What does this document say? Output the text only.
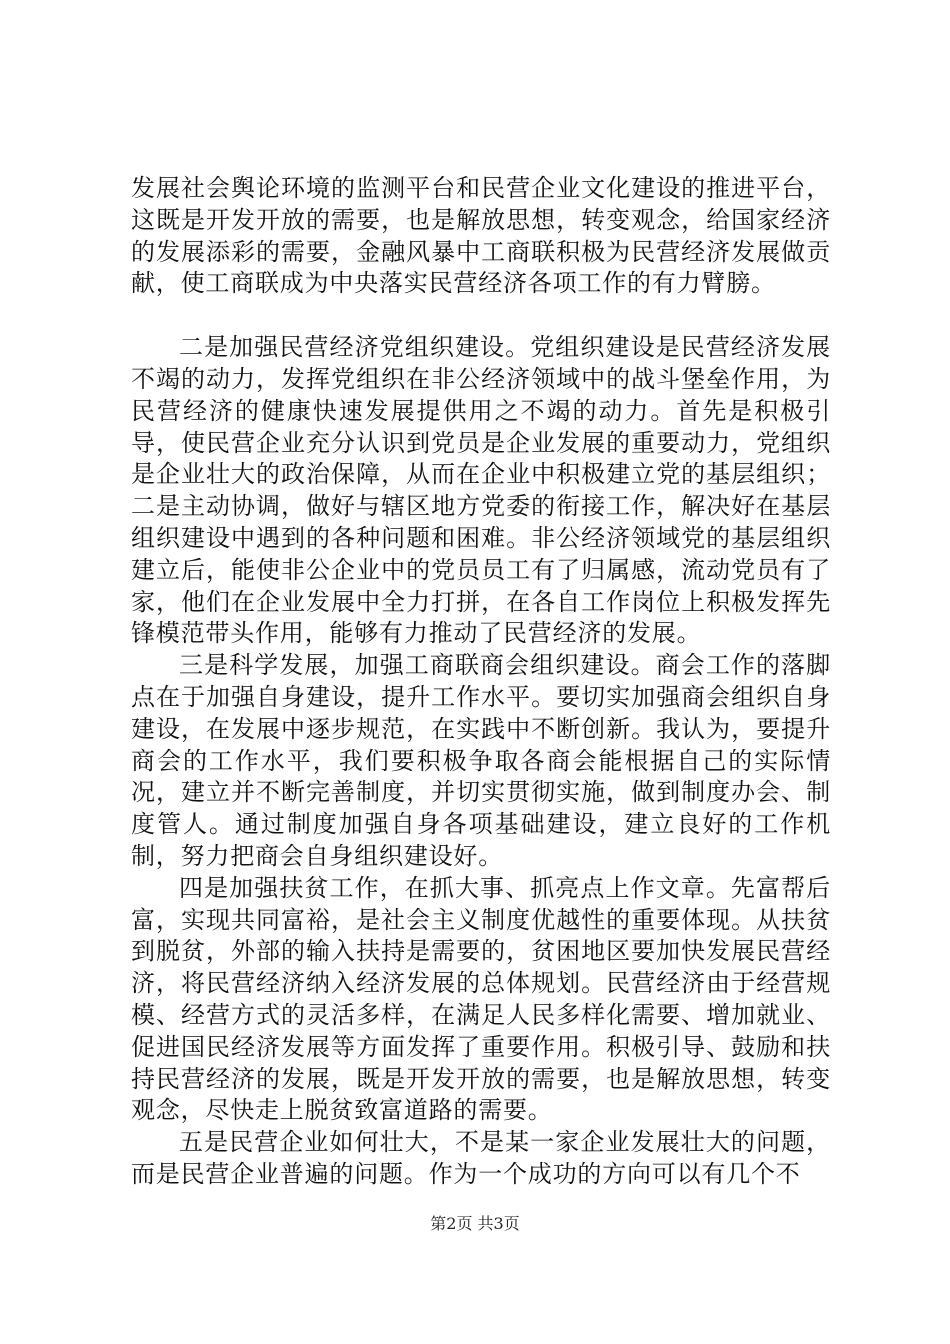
发展社会舆论环境的监测平台和民营企业文化建设的推进平台，这既是开发开放的需要，也是解放思想，转变观念，给国家经济的发展添彩的需要，金融风暴中工商联积极为民营经济发展做贡献，使工商联成为中央落实民营经济各项工作的有力臂膀。

二是加强民营经济党组织建设。党组织建设是民营经济发展不竭的动力，发挥党组织在非公经济领域中的战斗堡垒作用，为民营经济的健康快速发展提供用之不竭的动力。首先是积极引导，使民营企业充分认识到党员是企业发展的重要动力，党组织是企业壮大的政治保障，从而在企业中积极建立党的基层组织；二是主动协调，做好与辖区地方党委的衔接工作，解决好在基层组织建设中遇到的各种问题和困难。非公经济领域党的基层组织建立后，能使非公企业中的党员员工有了归属感，流动党员有了家，他们在企业发展中全力打拼，在各自工作岗位上积极发挥先锋模范带头作用，能够有力推动了民营经济的发展。

三是科学发展，加强工商联商会组织建设。商会工作的落脚点在于加强自身建设，提升工作水平。要切实加强商会组织自身建设，在发展中逐步规范，在实践中不断创新。我认为，要提升商会的工作水平，我们要积极争取各商会能根据自己的实际情况，建立并不断完善制度，并切实贯彻实施，做到制度办会、制度管人。通过制度加强自身各项基础建设，建立良好的工作机制，努力把商会自身组织建设好。

四是加强扶贫工作，在抓大事、抓亮点上作文章。先富帮后富，实现共同富裕，是社会主义制度优越性的重要体现。从扶贫到脱贫，外部的输入扶持是需要的，贫困地区要加快发展民营经济，将民营经济纳入经济发展的总体规划。民营经济由于经营规模、经营方式的灵活多样，在满足人民多样化需要、增加就业、促进国民经济发展等方面发挥了重要作用。积极引导、鼓励和扶持民营经济的发展，既是开发开放的需要，也是解放思想，转变观念，尽快走上脱贫致富道路的需要。

五是民营企业如何壮大，不是某一家企业发展壮大的问题，而是民营企业普遍的问题。作为一个成功的方向可以有几个不

第2页 共3页
